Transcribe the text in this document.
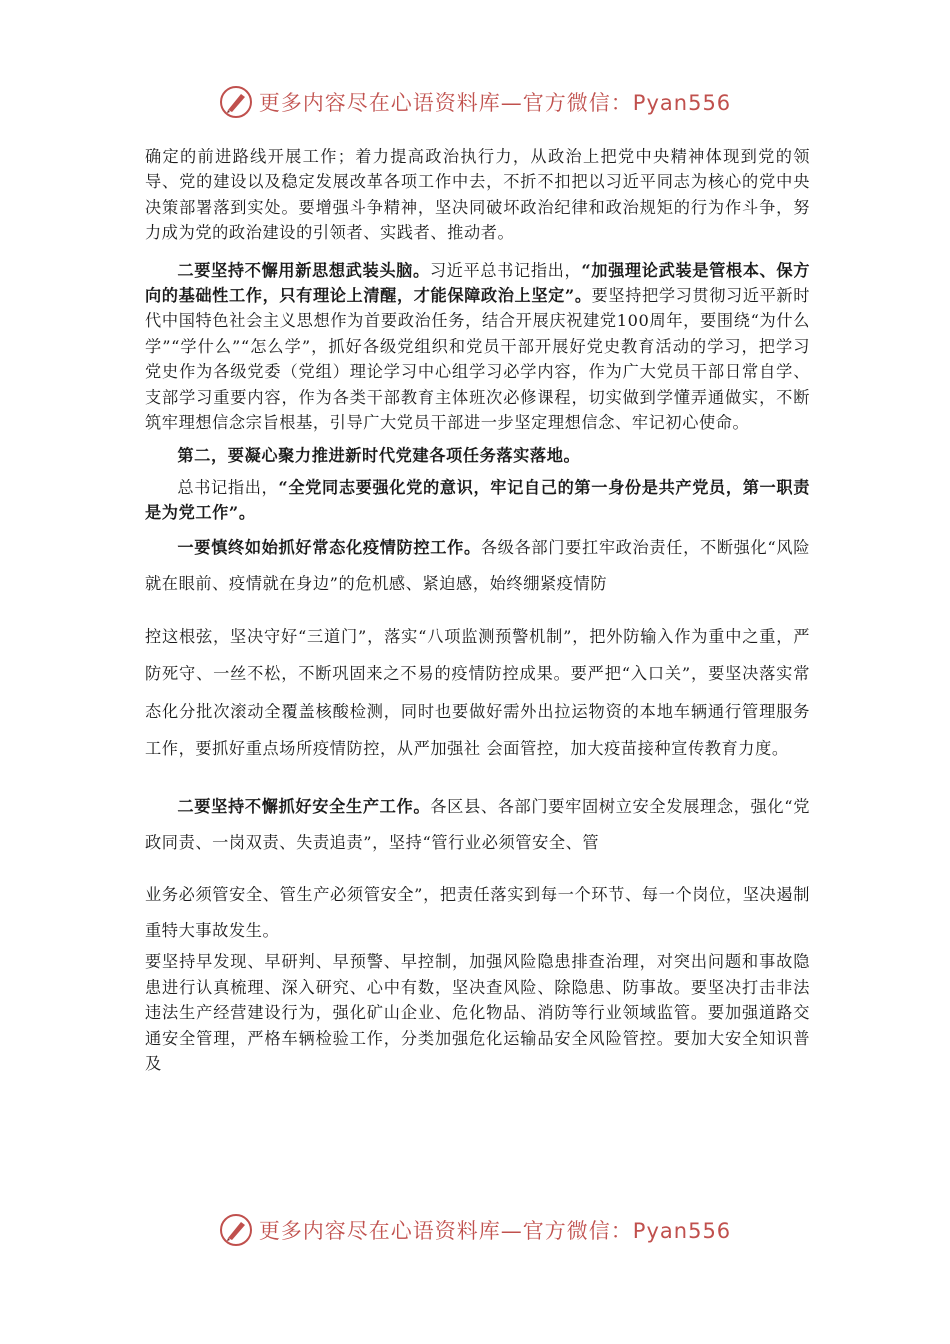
更多内容尽在心语资料库—官方微信：Pyan556

确定的前进路线开展工作；着力提高政治执行力，从政治上把党中央精神体现到党的领导、党的建设以及稳定发展改革各项工作中去，不折不扣把以习近平同志为核心的党中央决策部署落到实处。要增强斗争精神，坚决同破坏政治纪律和政治规矩的行为作斗争，努力成为党的政治建设的引领者、实践者、推动者。

二要坚持不懈用新思想武装头脑。习近平总书记指出，“加强理论武装是管根本、保方向的基础性工作，只有理论上清醒，才能保障政治上坚定”。要坚持把学习贯彻习近平新时代中国特色社会主义思想作为首要政治任务，结合开展庆祝建党100周年，要围绕“为什么学”“学什么”“怎么学”，抓好各级党组织和党员干部开展好党史教育活动的学习，把学习党史作为各级党委（党组）理论学习中心组学习必学内容，作为广大党员干部日常自学、支部学习重要内容，作为各类干部教育主体班次必修课程，切实做到学懂弄通做实，不断筑牢理想信念宗旨根基，引导广大党员干部进一步坚定理想信念、牢记初心使命。

第二，要凝心聚力推进新时代党建各项任务落实落地。

总书记指出，“全党同志要强化党的意识，牢记自己的第一身份是共产党员，第一职责是为党工作”。

一要慎终如始抓好常态化疫情防控工作。各级各部门要扛牢政治责任，不断强化“风险就在眼前、疫情就在身边”的危机感、紧迫感，始终绷紧疫情防

控这根弦，坚决守好“三道门”，落实“八项监测预警机制”，把外防输入作为重中之重，严防死守、一丝不松，不断巩固来之不易的疫情防控成果。要严把“入口关”，要坚决落实常态化分批次滚动全覆盖核酸检测，同时也要做好需外出拉运物资的本地车辆通行管理服务工作，要抓好重点场所疫情防控，从严加强社 会面管控，加大疫苗接种宣传教育力度。

二要坚持不懈抓好安全生产工作。各区县、各部门要牢固树立安全发展理念，强化“党政同责、一岗双责、失责追责”，坚持“管行业必须管安全、管

业务必须管安全、管生产必须管安全”，把责任落实到每一个环节、每一个岗位，坚决遏制重特大事故发生。

要坚持早发现、早研判、早预警、早控制，加强风险隐患排查治理，对突出问题和事故隐患进行认真梳理、深入研究、心中有数，坚决查风险、除隐患、防事故。要坚决打击非法违法生产经营建设行为，强化矿山企业、危化物品、消防等行业领域监管。要加强道路交通安全管理，严格车辆检验工作，分类加强危化运输品安全风险管控。要加大安全知识普及

更多内容尽在心语资料库—官方微信：Pyan556
